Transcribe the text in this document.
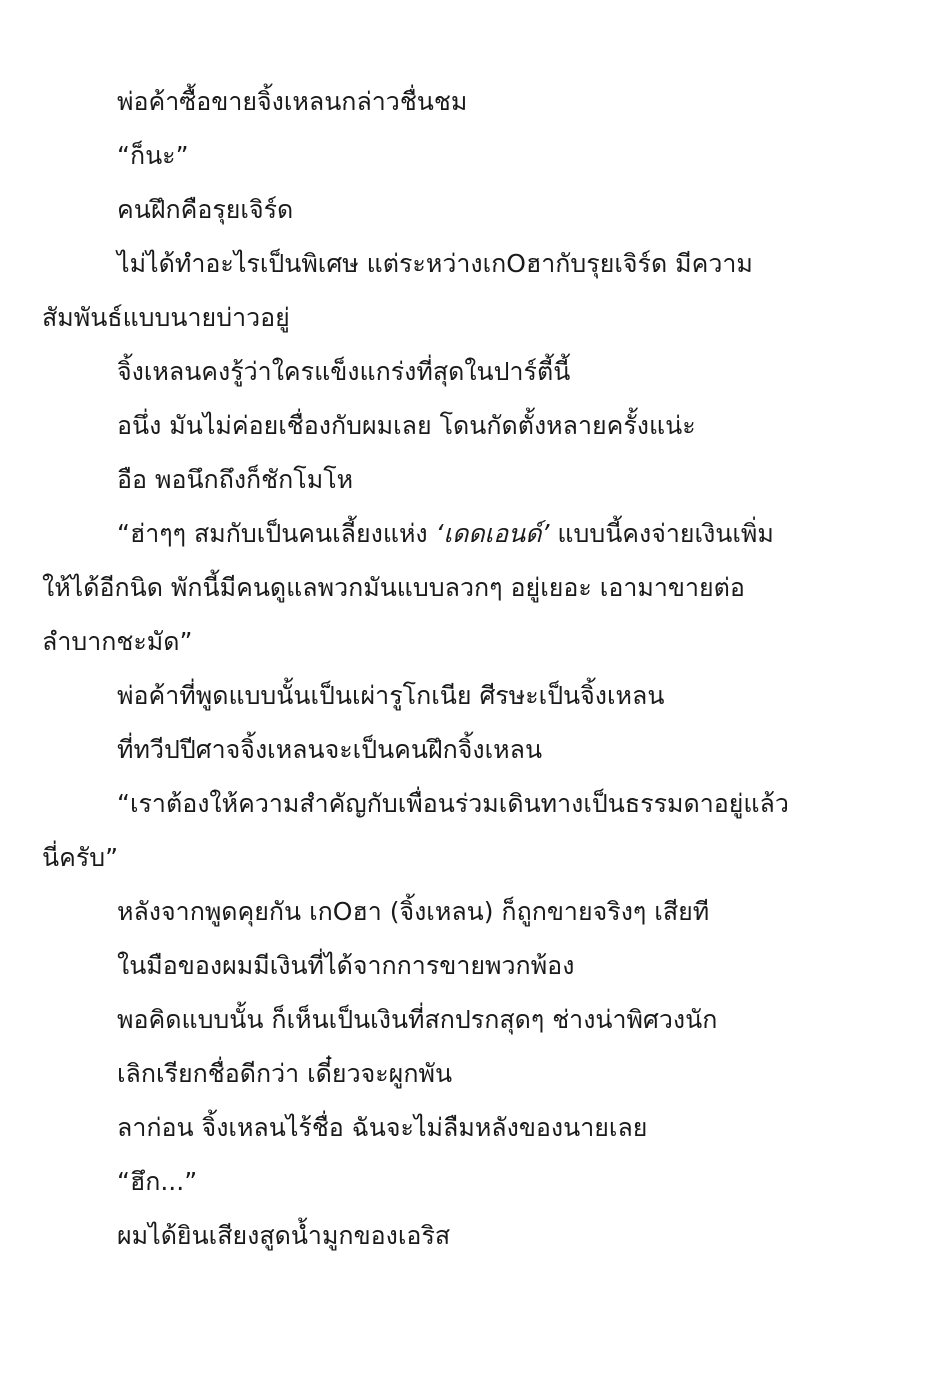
พ่อค้าซื้อขายจิ้งเหลนกล่าวชื่นชม

“ก็นะ”

คนฝึกคือรุยเจิร์ด

ไม่ได้ทำอะไรเป็นพิเศษ แต่ระหว่างเกOฮากับรุยเจิร์ด มีความ

สัมพันธ์แบบนายบ่าวอยู่

จิ้งเหลนคงรู้ว่าใครแข็งแกร่งที่สุดในปาร์ตี้นี้

อนึ่ง มันไม่ค่อยเชื่องกับผมเลย โดนกัดตั้งหลายครั้งแน่ะ

อือ พอนึกถึงก็ชักโมโห

“ฮ่าๆๆ สมกับเป็นคนเลี้ยงแห่ง ‘เดดเอนด์’ แบบนี้คงจ่ายเงินเพิ่ม

ให้ได้อีกนิด พักนี้มีคนดูแลพวกมันแบบลวกๆ อยู่เยอะ เอามาขายต่อ

ลำบากชะมัด”

พ่อค้าที่พูดแบบนั้นเป็นเผ่ารูโกเนีย ศีรษะเป็นจิ้งเหลน

ที่ทวีปปีศาจจิ้งเหลนจะเป็นคนฝึกจิ้งเหลน

“เราต้องให้ความสำคัญกับเพื่อนร่วมเดินทางเป็นธรรมดาอยู่แล้ว

นี่ครับ”

หลังจากพูดคุยกัน เกOฮา (จิ้งเหลน) ก็ถูกขายจริงๆ เสียที

ในมือของผมมีเงินที่ได้จากการขายพวกพ้อง

พอคิดแบบนั้น ก็เห็นเป็นเงินที่สกปรกสุดๆ ช่างน่าพิศวงนัก

เลิกเรียกชื่อดีกว่า เดี๋ยวจะผูกพัน

ลาก่อน จิ้งเหลนไร้ชื่อ ฉันจะไม่ลืมหลังของนายเลย

“ฮึก...”

ผมได้ยินเสียงสูดน้ำมูกของเอริส
